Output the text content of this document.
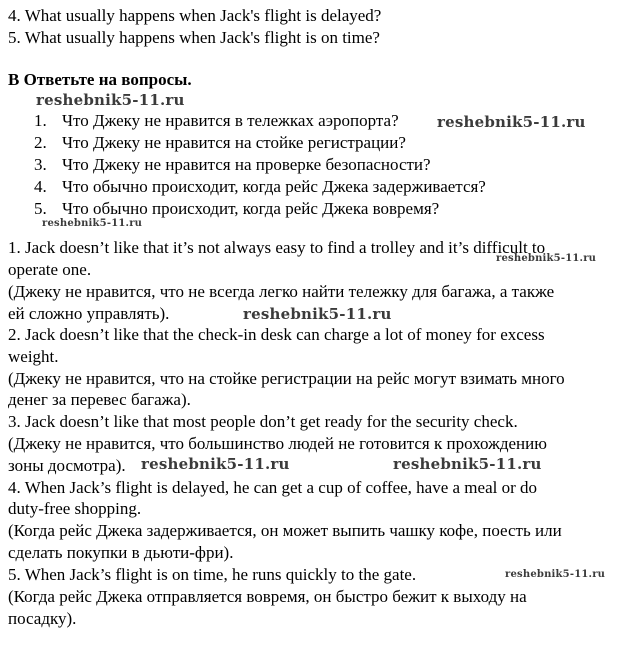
4. What usually happens when Jack's flight is delayed?
5. What usually happens when Jack's flight is on time?
B Ответьте на вопросы.
1. Что Джеку не нравится в тележках аэропорта?
2. Что Джеку не нравится на стойке регистрации?
3. Что Джеку не нравится на проверке безопасности?
4. Что обычно происходит, когда рейс Джека задерживается?
5. Что обычно происходит, когда рейс Джека вовремя?
1. Jack doesn’t like that it’s not always easy to find a trolley and it’s difficult to
operate one.
(Джеку не нравится, что не всегда легко найти тележку для багажа, а также
ей сложно управлять).
2. Jack doesn’t like that the check-in desk can charge a lot of money for excess
weight.
(Джеку не нравится, что на стойке регистрации на рейс могут взимать много
денег за перевес багажа).
3. Jack doesn’t like that most people don’t get ready for the security check.
(Джеку не нравится, что большинство людей не готовится к прохождению
зоны досмотра).
4. When Jack’s flight is delayed, he can get a cup of coffee, have a meal or do
duty-free shopping.
(Когда рейс Джека задерживается, он может выпить чашку кофе, поесть или
сделать покупки в дьюти-фри).
5. When Jack’s flight is on time, he runs quickly to the gate.
(Когда рейс Джека отправляется вовремя, он быстро бежит к выходу на
посадку).
reshebnik5-11.ru
reshebnik5-11.ru
reshebnik5-11.ru
reshebnik5-11.ru
reshebnik5-11.ru
reshebnik5-11.ru	reshebnik5-11.ru
reshebnik5-11.ru
